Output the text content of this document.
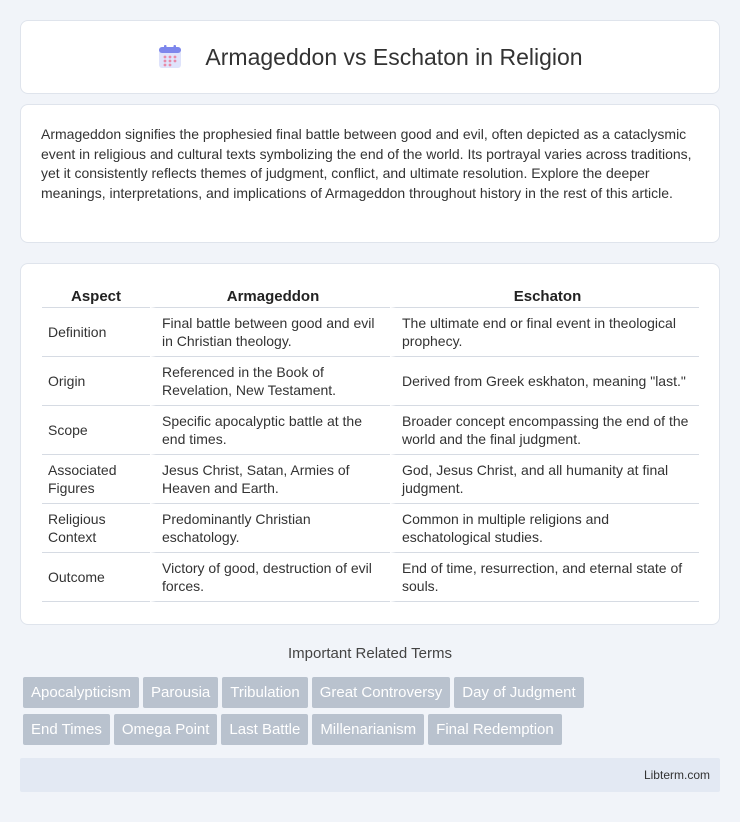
Armageddon vs Eschaton in Religion

Armageddon signifies the prophesied final battle between good and evil, often depicted as a cataclysmic event in religious and cultural texts symbolizing the end of the world. Its portrayal varies across traditions, yet it consistently reflects themes of judgment, conflict, and ultimate resolution. Explore the deeper meanings, interpretations, and implications of Armageddon throughout history in the rest of this article.

Aspect	Armageddon	Eschaton
Definition	Final battle between good and evil in Christian theology.	The ultimate end or final event in theological prophecy.
Origin	Referenced in the Book of Revelation, New Testament.	Derived from Greek eskhaton, meaning "last."
Scope	Specific apocalyptic battle at the end times.	Broader concept encompassing the end of the world and the final judgment.
Associated Figures	Jesus Christ, Satan, Armies of Heaven and Earth.	God, Jesus Christ, and all humanity at final judgment.
Religious Context	Predominantly Christian eschatology.	Common in multiple religions and eschatological studies.
Outcome	Victory of good, destruction of evil forces.	End of time, resurrection, and eternal state of souls.
Important Related Terms
Apocalypticism Parousia Tribulation Great Controversy Day of Judgment
End Times Omega Point Last Battle Millenarianism Final Redemption
Libterm.com
